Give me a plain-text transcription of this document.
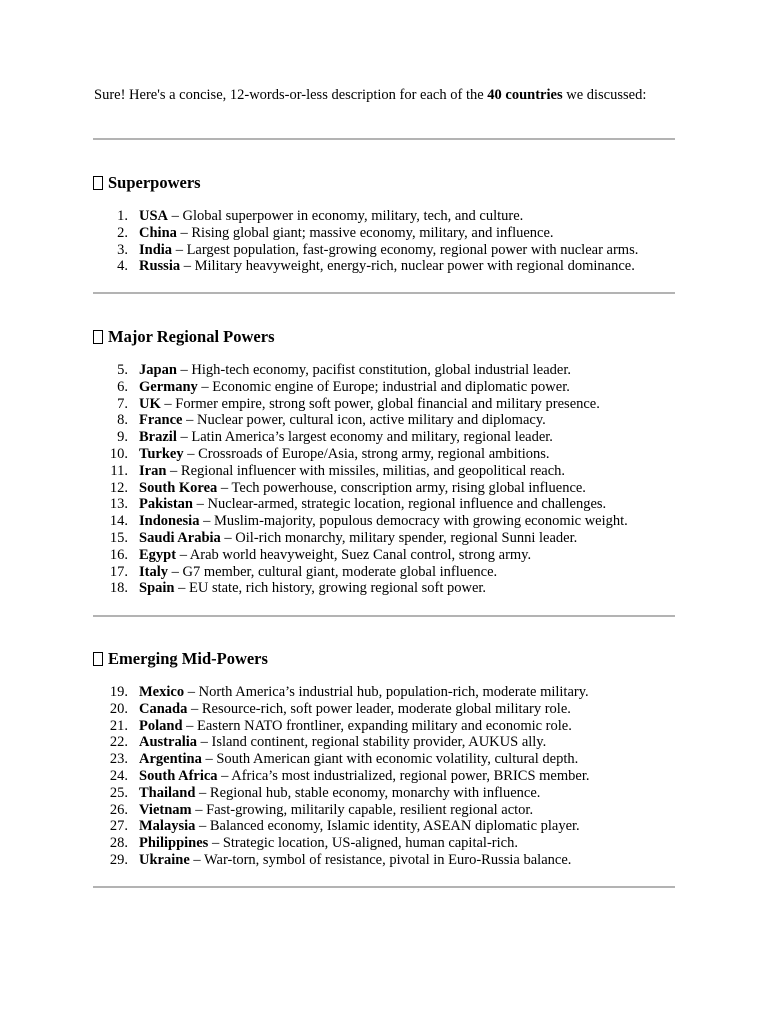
Sure! Here's a concise, 12-words-or-less description for each of the 40 countries we discussed:

Superpowers
1. USA – Global superpower in economy, military, tech, and culture.
2. China – Rising global giant; massive economy, military, and influence.
3. India – Largest population, fast-growing economy, regional power with nuclear arms.
4. Russia – Military heavyweight, energy-rich, nuclear power with regional dominance.
Major Regional Powers
5. Japan – High-tech economy, pacifist constitution, global industrial leader.
6. Germany – Economic engine of Europe; industrial and diplomatic power.
7. UK – Former empire, strong soft power, global financial and military presence.
8. France – Nuclear power, cultural icon, active military and diplomacy.
9. Brazil – Latin America’s largest economy and military, regional leader.
10. Turkey – Crossroads of Europe/Asia, strong army, regional ambitions.
11. Iran – Regional influencer with missiles, militias, and geopolitical reach.
12. South Korea – Tech powerhouse, conscription army, rising global influence.
13. Pakistan – Nuclear-armed, strategic location, regional influence and challenges.
14. Indonesia – Muslim-majority, populous democracy with growing economic weight.
15. Saudi Arabia – Oil-rich monarchy, military spender, regional Sunni leader.
16. Egypt – Arab world heavyweight, Suez Canal control, strong army.
17. Italy – G7 member, cultural giant, moderate global influence.
18. Spain – EU state, rich history, growing regional soft power.
Emerging Mid-Powers
19. Mexico – North America’s industrial hub, population-rich, moderate military.
20. Canada – Resource-rich, soft power leader, moderate global military role.
21. Poland – Eastern NATO frontliner, expanding military and economic role.
22. Australia – Island continent, regional stability provider, AUKUS ally.
23. Argentina – South American giant with economic volatility, cultural depth.
24. South Africa – Africa’s most industrialized, regional power, BRICS member.
25. Thailand – Regional hub, stable economy, monarchy with influence.
26. Vietnam – Fast-growing, militarily capable, resilient regional actor.
27. Malaysia – Balanced economy, Islamic identity, ASEAN diplomatic player.
28. Philippines – Strategic location, US-aligned, human capital-rich.
29. Ukraine – War-torn, symbol of resistance, pivotal in Euro-Russia balance.
